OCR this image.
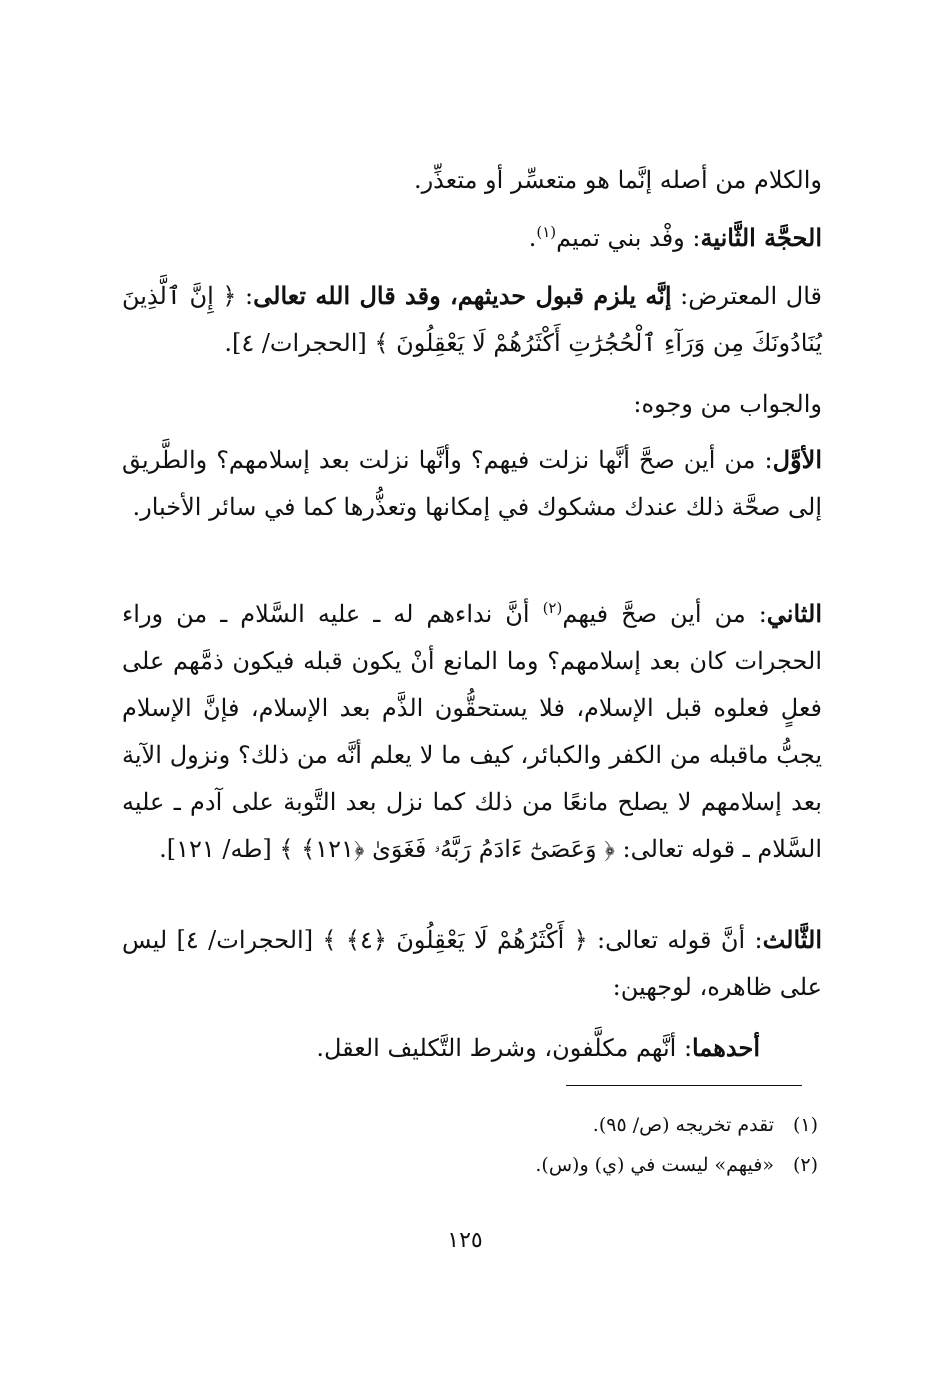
والكلام من أصله إنَّما هو متعسِّر أو متعذِّر.
الحجَّة الثَّانية: وفْد بني تميم$^{(١)}$.
قال المعترض: إنَّه يلزم قبول حديثهم، وقد قال الله تعالى: ﴿ إِنَّ ٱلَّذِينَ يُنَادُونَكَ مِن وَرَآءِ ٱلْحُجُرَٰتِ أَكْثَرُهُمْ لَا يَعْقِلُونَ ﴾ [الحجرات/ ٤].
والجواب من وجوه:
الأوَّل: من أين صحَّ أنَّها نزلت فيهم؟ وأنَّها نزلت بعد إسلامهم؟ والطَّريق إلى صحَّة ذلك عندك مشكوك في إمكانها وتعذُّرها كما في سائر الأخبار.
الثاني: من أين صحَّ فيهم$^{(٢)}$ أنَّ نداءهم له ـ عليه السَّلام ـ من وراء الحجرات كان بعد إسلامهم؟ وما المانع أنْ يكون قبله فيكون ذمَّهم على فعلٍ فعلوه قبل الإسلام، فلا يستحقُّون الذَّم بعد الإسلام، فإنَّ الإسلام يجبُّ ماقبله من الكفر والكبائر، كيف ما لا يعلم أنَّه من ذلك؟ ونزول الآية بعد إسلامهم لا يصلح مانعًا من ذلك كما نزل بعد التَّوبة على آدم ـ عليه السَّلام ـ قوله تعالى: ﴿ وَعَصَىٰٓ ءَادَمُ رَبَّهُۥ فَغَوَىٰ ﴿١٢١﴾ ﴾ [طه/ ١٢١].
الثَّالث: أنَّ قوله تعالى: ﴿ أَكْثَرُهُمْ لَا يَعْقِلُونَ ﴿٤﴾ ﴾ [الحجرات/ ٤] ليس على ظاهره، لوجهين:
أحدهما: أنَّهم مكلَّفون، وشرط التَّكليف العقل.
(١)تقدم تخريجه (ص/ ٩٥).
(٢)«فيهم» ليست في (ي) و(س).
١٢٥
